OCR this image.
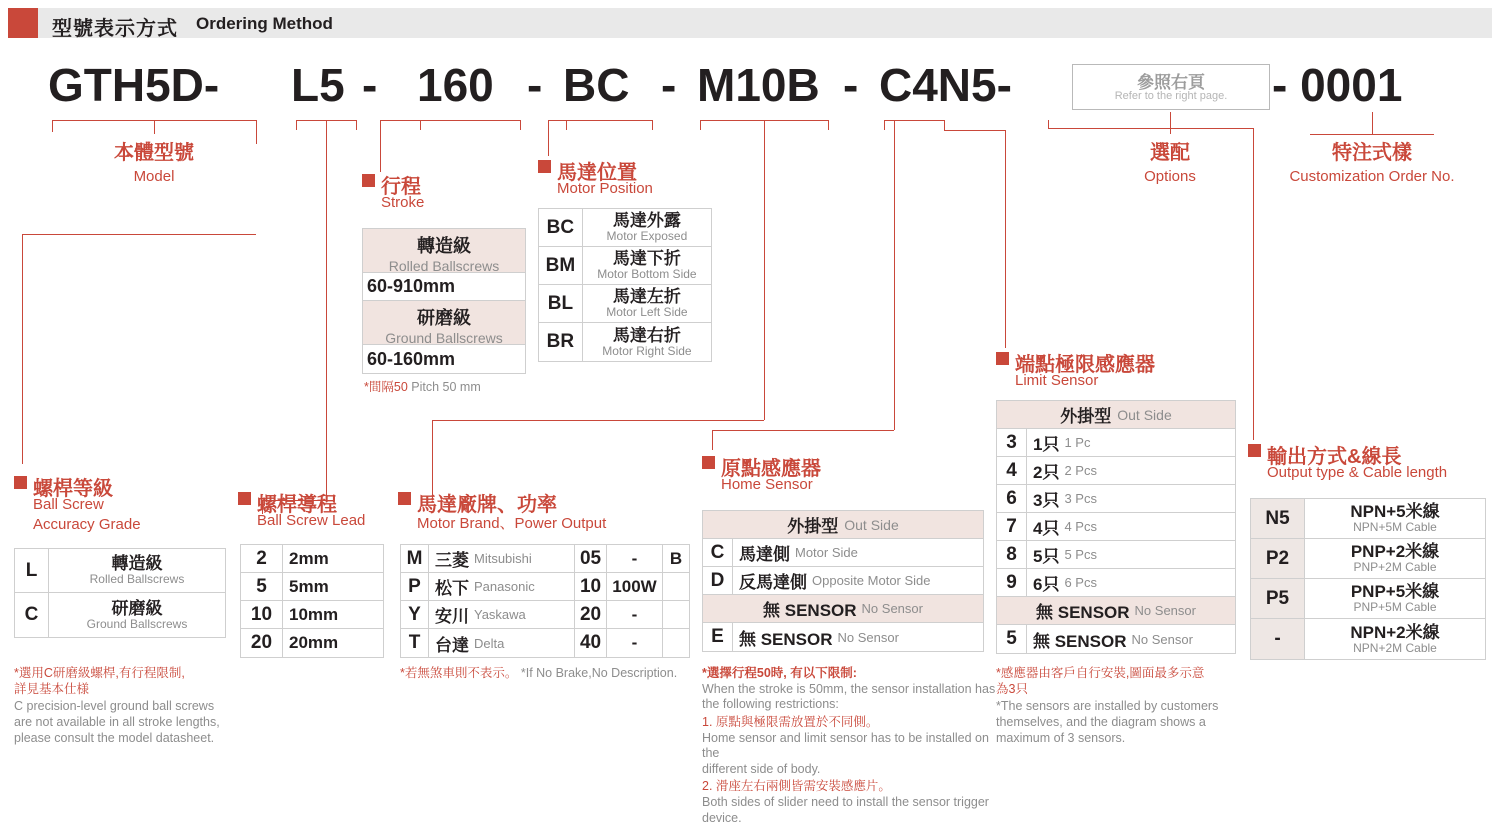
型號表示方式 Ordering Method
GTH5D- L5 - 160 - BC - M10B - C4N5-	- 0001
參照右頁
Refer to the right page.
本體型號
Model	行程
Stroke
馬達位置
Motor Position
選配
Options
特注式樣
Customization Order No.
轉造級
Rolled Ballscrews
60-910mm
研磨級
Ground Ballscrews
60-160mm
*間隔50 Pitch 50 mm
BC	馬達外露
Motor Exposed
BM	馬達下折
Motor Bottom Side
BL	馬達左折
Motor Left Side
BR	馬達右折
Motor Right Side
端點極限感應器
Limit Sensor
外掛型 Out Side
3 1只 1 Pc
4 2只 2 Pcs
6 3只 3 Pcs
7 4只 4 Pcs
8 5只 5 Pcs
9 6只 6 Pcs
無 SENSOR No Sensor
5 無 SENSOR No Sensor
*感應器由客戶自行安裝,圖面最多示意
為3只
*The sensors are installed by customers
themselves, and the diagram shows a
maximum of 3 sensors.
螺桿等級
Ball Screw
Accuracy Grade
L	轉造級
Rolled Ballscrews
C	研磨級
Ground Ballscrews
*選用C研磨級螺桿,有行程限制,
詳見基本仕様
C precision-level ground ball screws
are not available in all stroke lengths,
please consult the model datasheet.
螺桿導程
Ball Screw Lead
2	2mm
5	5mm
10 10mm
20 20mm
馬達廠牌、功率
Motor Brand、Power Output
M 三菱 Mitsubishi	05	-	B
P 松下 Panasonic 10 100W
Y 安川 Yaskawa	20	-
T 台達 Delta	40	-
*若無煞車則不表示。 *If No Brake,No Description.
原點感應器
Home Sensor
外掛型 Out Side
C 馬達側 Motor Side
D 反馬達側 Opposite Motor Side
無 SENSOR No Sensor
E 無 SENSOR No Sensor
*選擇行程50時, 有以下限制:
When the stroke is 50mm, the sensor installation has
the following restrictions:
1. 原點與極限需放置於不同側。
Home sensor and limit sensor has to be installed on the
different side of body.
2. 滑座左右兩側皆需安裝感應片。
Both sides of slider need to install the sensor trigger device.
輸出方式&線長
Output type & Cable length
N5	NPN+5米線
NPN+5M Cable
P2	PNP+2米線
PNP+2M Cable
P5	PNP+5米線
PNP+5M Cable
-	NPN+2米線
NPN+2M Cable
